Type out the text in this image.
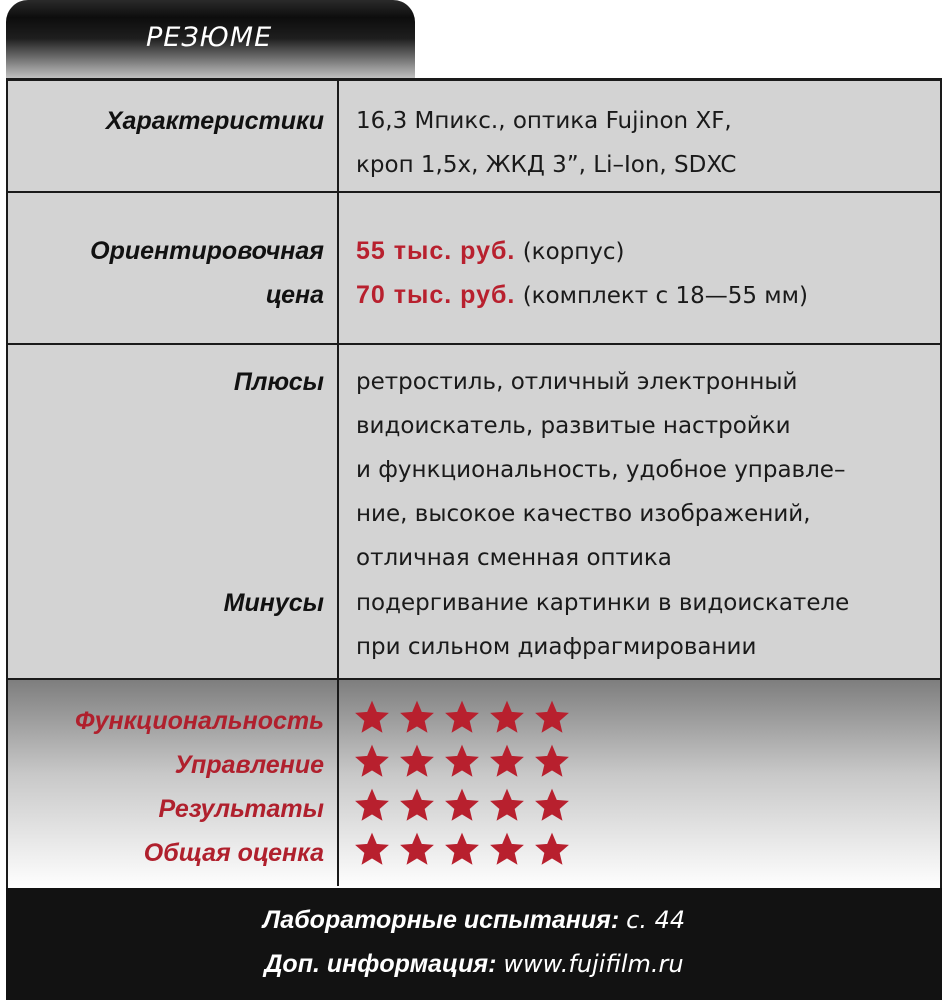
РЕЗЮМЕ
Характеристики 16,3 Мпикс., оптика Fujinon XF,
кроп 1,5x, ЖКД 3”, Li–Ion, SDXC
Ориентировочная
цена
55 тыс. руб. (корпус)
70 тыс. руб. (комплект с 18—55 мм)
Плюсы ретростиль, отличный электронный
видоискатель, развитые настройки
и функциональность, удобное управле–
ние, высокое качество изображений,
отличная сменная оптика
Минусы подергивание картинки в видоискателе
при сильном диафрагмировании
Функциональность
Управление
Результаты
Общая оценка
Лабораторные испытания: с. 44
Доп. информация: www.fujifilm.ru
